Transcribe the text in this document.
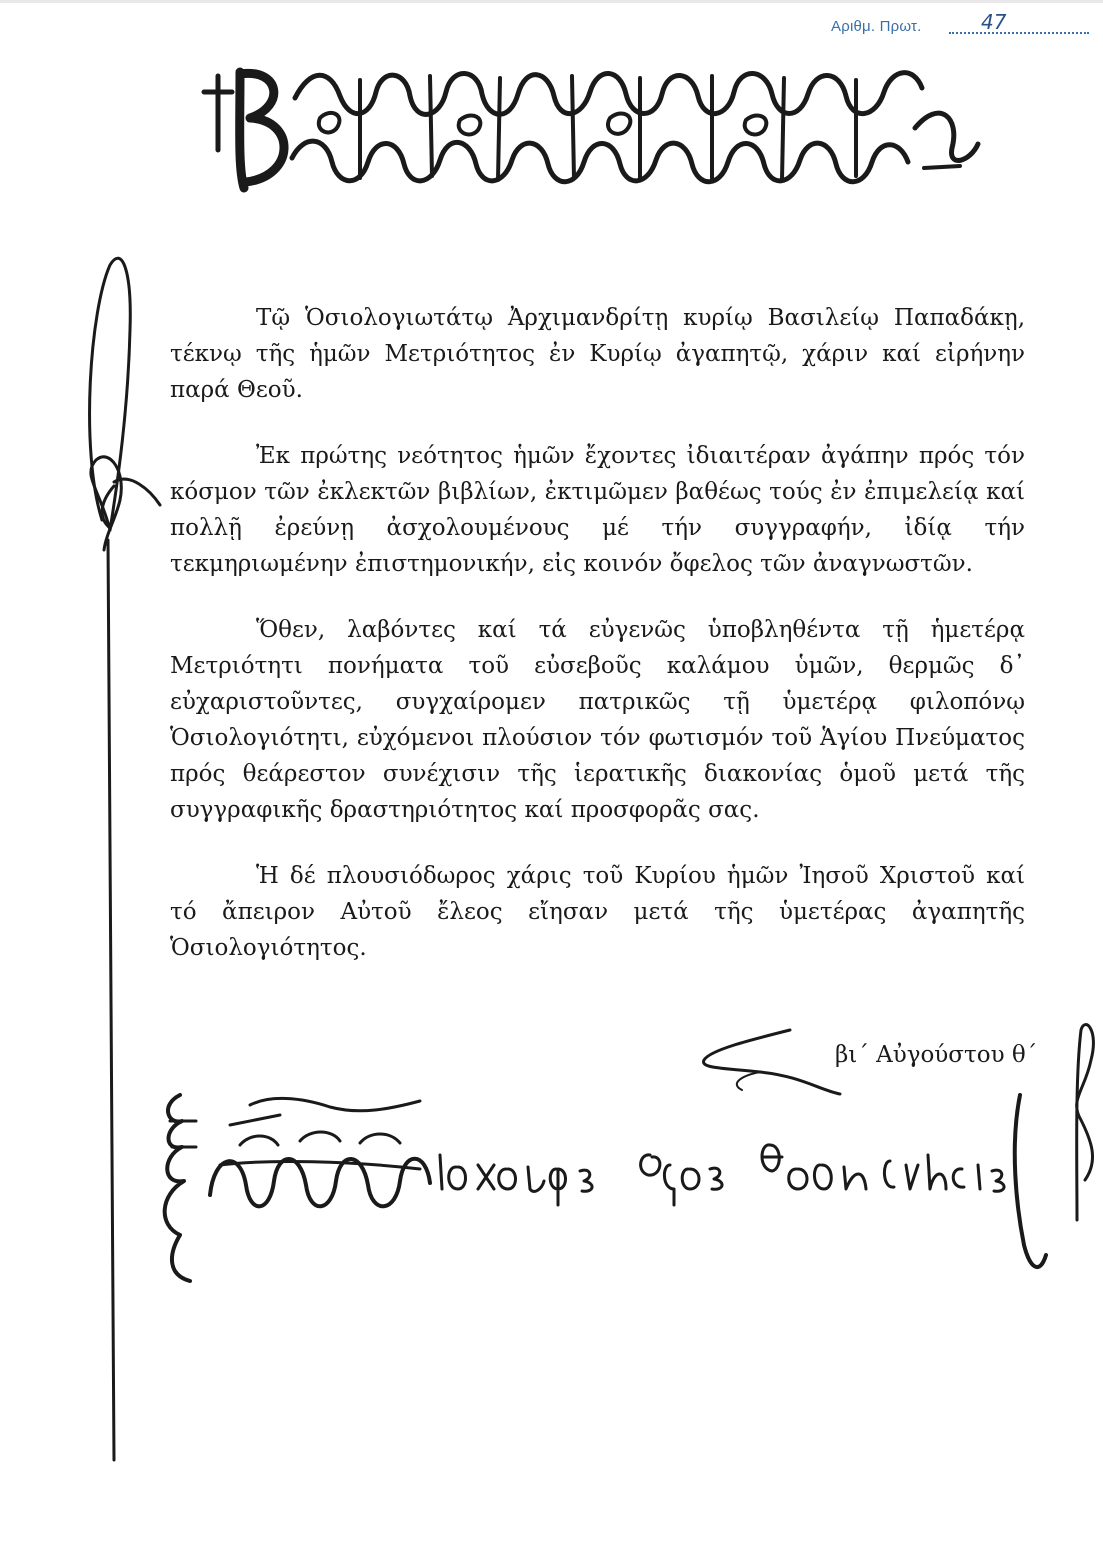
Αριθμ. Πρωτ.	47

Τῷ Ὁσιολογιωτάτῳ Ἀρχιμανδρίτῃ κυρίῳ Βασιλείῳ Παπαδάκῃ, τέκνῳ τῆς ἡμῶν Μετριότητος ἐν Κυρίῳ ἀγαπητῷ, χάριν καί εἰρήνην παρά Θεοῦ.

Ἐκ πρώτης νεότητος ἡμῶν ἔχοντες ἰδιαιτέραν ἀγάπην πρός τόν κόσμον τῶν ἐκλεκτῶν βιβλίων, ἐκτιμῶμεν βαθέως τούς ἐν ἐπιμελείᾳ καί πολλῇ ἐρεύνῃ ἀσχολουμένους μέ τήν συγγραφήν, ἰδίᾳ τήν τεκμηριωμένην ἐπιστημονικήν, εἰς κοινόν ὄφελος τῶν ἀναγνωστῶν.

Ὅθεν, λαβόντες καί τά εὐγενῶς ὑποβληθέντα τῇ ἡμετέρᾳ Μετριότητι πονήματα τοῦ εὐσεβοῦς καλάμου ὑμῶν, θερμῶς δ᾽ εὐχαριστοῦντες, συγχαίρομεν πατρικῶς τῇ ὑμετέρᾳ φιλοπόνῳ Ὁσιολογιότητι, εὐχόμενοι πλούσιον τόν φωτισμόν τοῦ Ἁγίου Πνεύματος πρός θεάρεστον συνέχισιν τῆς ἱερατικῆς διακονίας ὁμοῦ μετά τῆς συγγραφικῆς δραστηριότητος καί προσφορᾶς σας.

Ἡ δέ πλουσιόδωρος χάρις τοῦ Κυρίου ἡμῶν Ἰησοῦ Χριστοῦ καί τό ἄπειρον Αὐτοῦ ἔλεος εἴησαν μετά τῆς ὑμετέρας ἀγαπητῆς Ὁσιολογιότητος.

βι΄ Αὐγούστου θ΄
